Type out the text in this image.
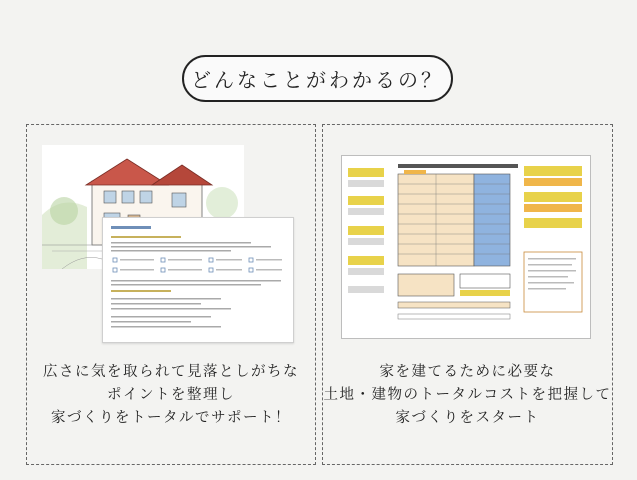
どんなことがわかるの？
広さに気を取られて見落としがちな
ポイントを整理し
家づくりをトータルでサポート！
家を建てるために必要な
土地・建物のトータルコストを把握して
家づくりをスタート
